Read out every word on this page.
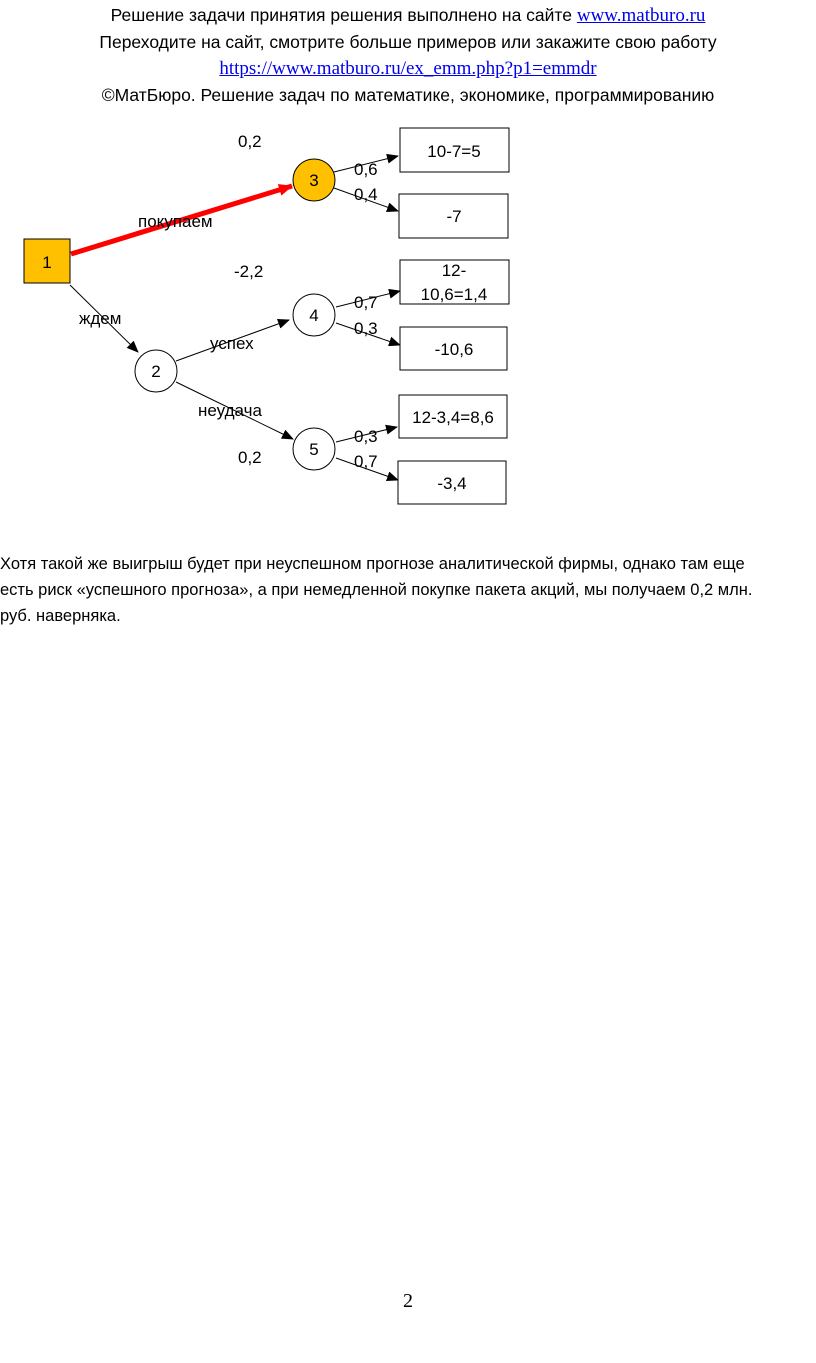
Решение задачи принятия решения выполнено на сайте www.matburo.ru
Переходите на сайт, смотрите больше примеров или закажите свою работу
https://www.matburo.ru/ex_emm.php?p1=emmdr
©МатБюро. Решение задач по математике, экономике, программированию
1
3
2
4
5
10-7=5
-7
12-
10,6=1,4
-10,6
12-3,4=8,6
-3,4
покупаем
ждем
успех
неудача
0,2
-2,2
0,2
0,6
0,4
0,7
0,3
0,3
0,7
Хотя такой же выигрыш будет при неуспешном прогнозе аналитической фирмы, однако там еще
есть риск «успешного прогноза», а при немедленной покупке пакета акций, мы получаем 0,2 млн.
руб. наверняка.
2
